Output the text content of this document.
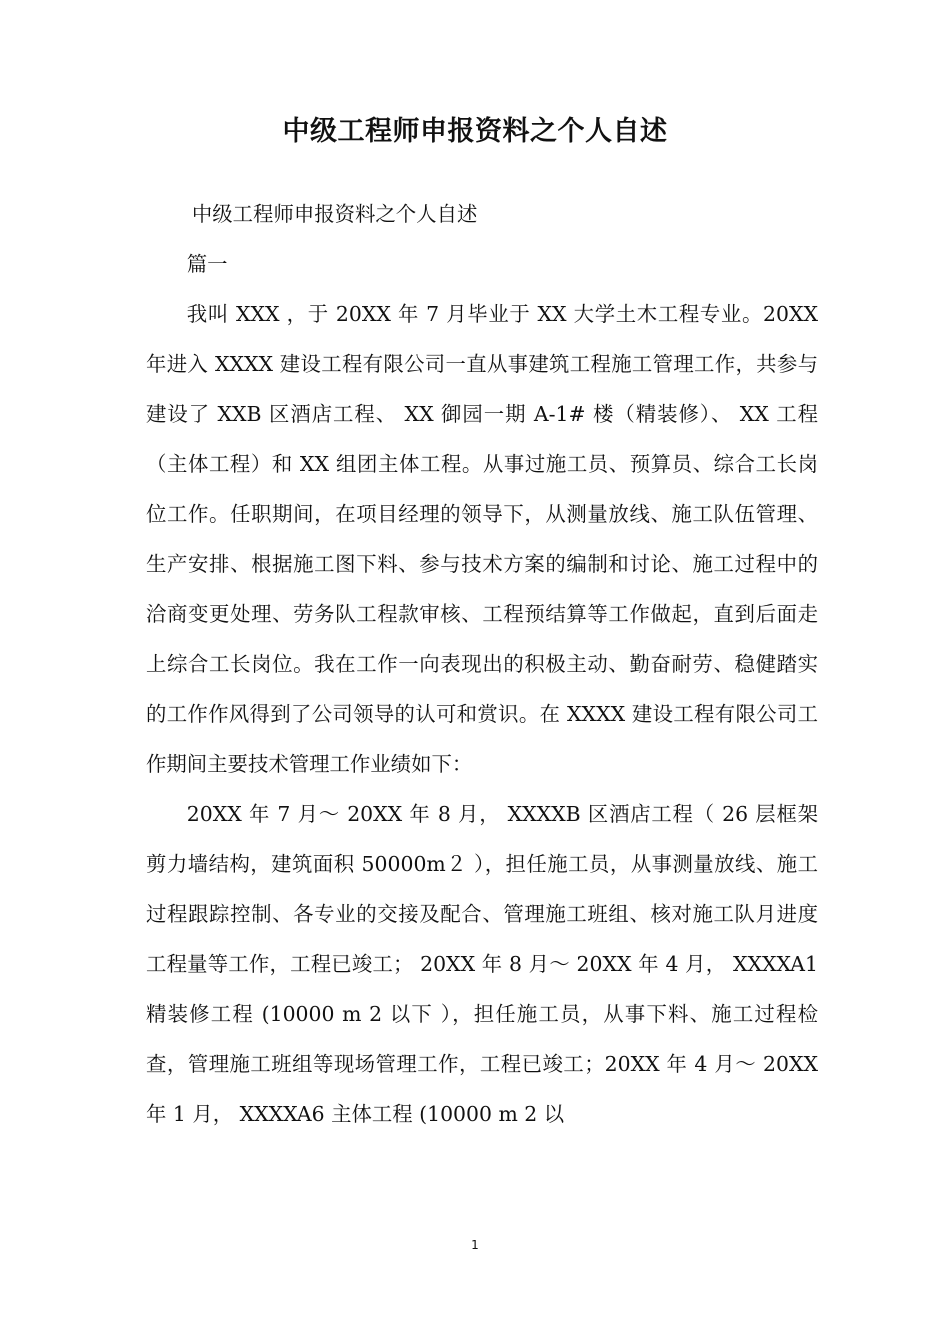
中级工程师申报资料之个人自述

中级工程师申报资料之个人自述

篇一

我叫 XXX ，于 20XX 年 7 月毕业于 XX 大学土木工程专业。20XX 年进入 XXXX 建设工程有限公司一直从事建筑工程施工管理工作，共参与建设了 XXB 区酒店工程、 XX 御园一期 A-1# 楼（精装修）、 XX 工程（主体工程）和 XX 组团主体工程。从事过施工员、预算员、综合工长岗位工作。任职期间，在项目经理的领导下，从测量放线、施工队伍管理、生产安排、根据施工图下料、参与技术方案的编制和讨论、施工过程中的洽商变更处理、劳务队工程款审核、工程预结算等工作做起，直到后面走上综合工长岗位。我在工作一向表现出的积极主动、勤奋耐劳、稳健踏实的工作作风得到了公司领导的认可和赏识。在 XXXX 建设工程有限公司工作期间主要技术管理工作业绩如下：

20XX 年 7 月～ 20XX 年 8 月， XXXXB 区酒店工程（ 26 层框架剪力墙结构，建筑面积 50000m２ ），担任施工员，从事测量放线、施工过程跟踪控制、各专业的交接及配合、管理施工班组、核对施工队月进度工程量等工作，工程已竣工； 20XX 年 8 月～ 20XX 年 4 月， XXXXA1 精装修工程 (10000 m 2 以下 ），担任施工员，从事下料、施工过程检查，管理施工班组等现场管理工作，工程已竣工；20XX 年 4 月～ 20XX 年 1 月， XXXXA6 主体工程 (10000 m 2 以

1
